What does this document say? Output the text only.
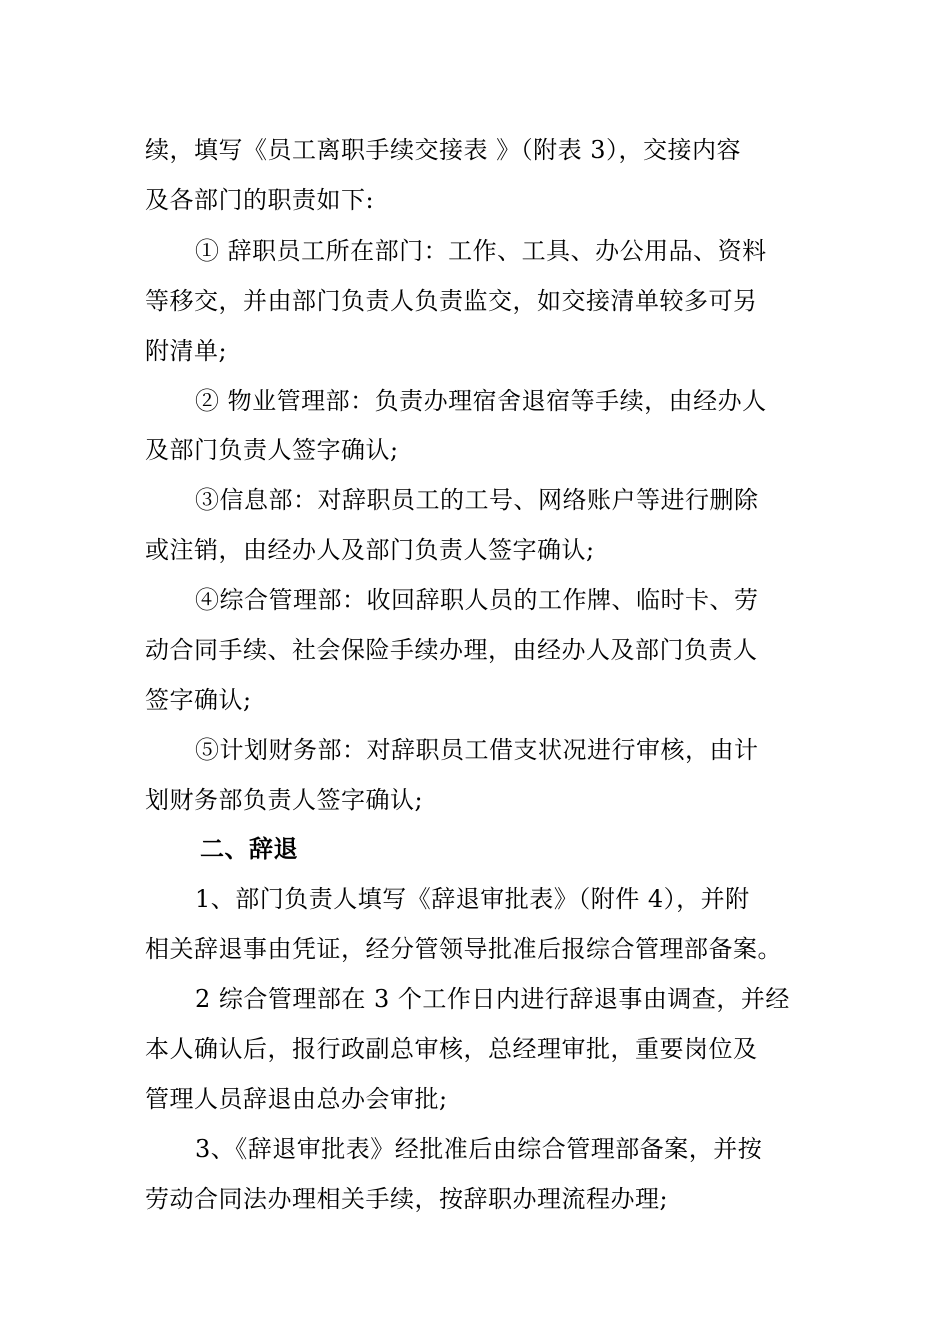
续，填写《员工离职手续交接表 》（附表 3），交接内容
及各部门的职责如下:
① 辞职员工所在部门：工作、工具、办公用品、资料
等移交，并由部门负责人负责监交，如交接清单较多可另
附清单;
② 物业管理部：负责办理宿舍退宿等手续，由经办人
及部门负责人签字确认;
③信息部：对辞职员工的工号、网络账户等进行删除
或注销，由经办人及部门负责人签字确认;
④综合管理部：收回辞职人员的工作牌、临时卡、劳
动合同手续、社会保险手续办理，由经办人及部门负责人
签字确认;
⑤计划财务部：对辞职员工借支状况进行审核，由计
划财务部负责人签字确认;
二、辞退
1、部门负责人填写《辞退审批表》（附件 4），并附
相关辞退事由凭证，经分管领导批准后报综合管理部备案。
2 综合管理部在 3 个工作日内进行辞退事由调查，并经
本人确认后，报行政副总审核，总经理审批，重要岗位及
管理人员辞退由总办会审批;
3、《辞退审批表》经批准后由综合管理部备案，并按
劳动合同法办理相关手续，按辞职办理流程办理;
